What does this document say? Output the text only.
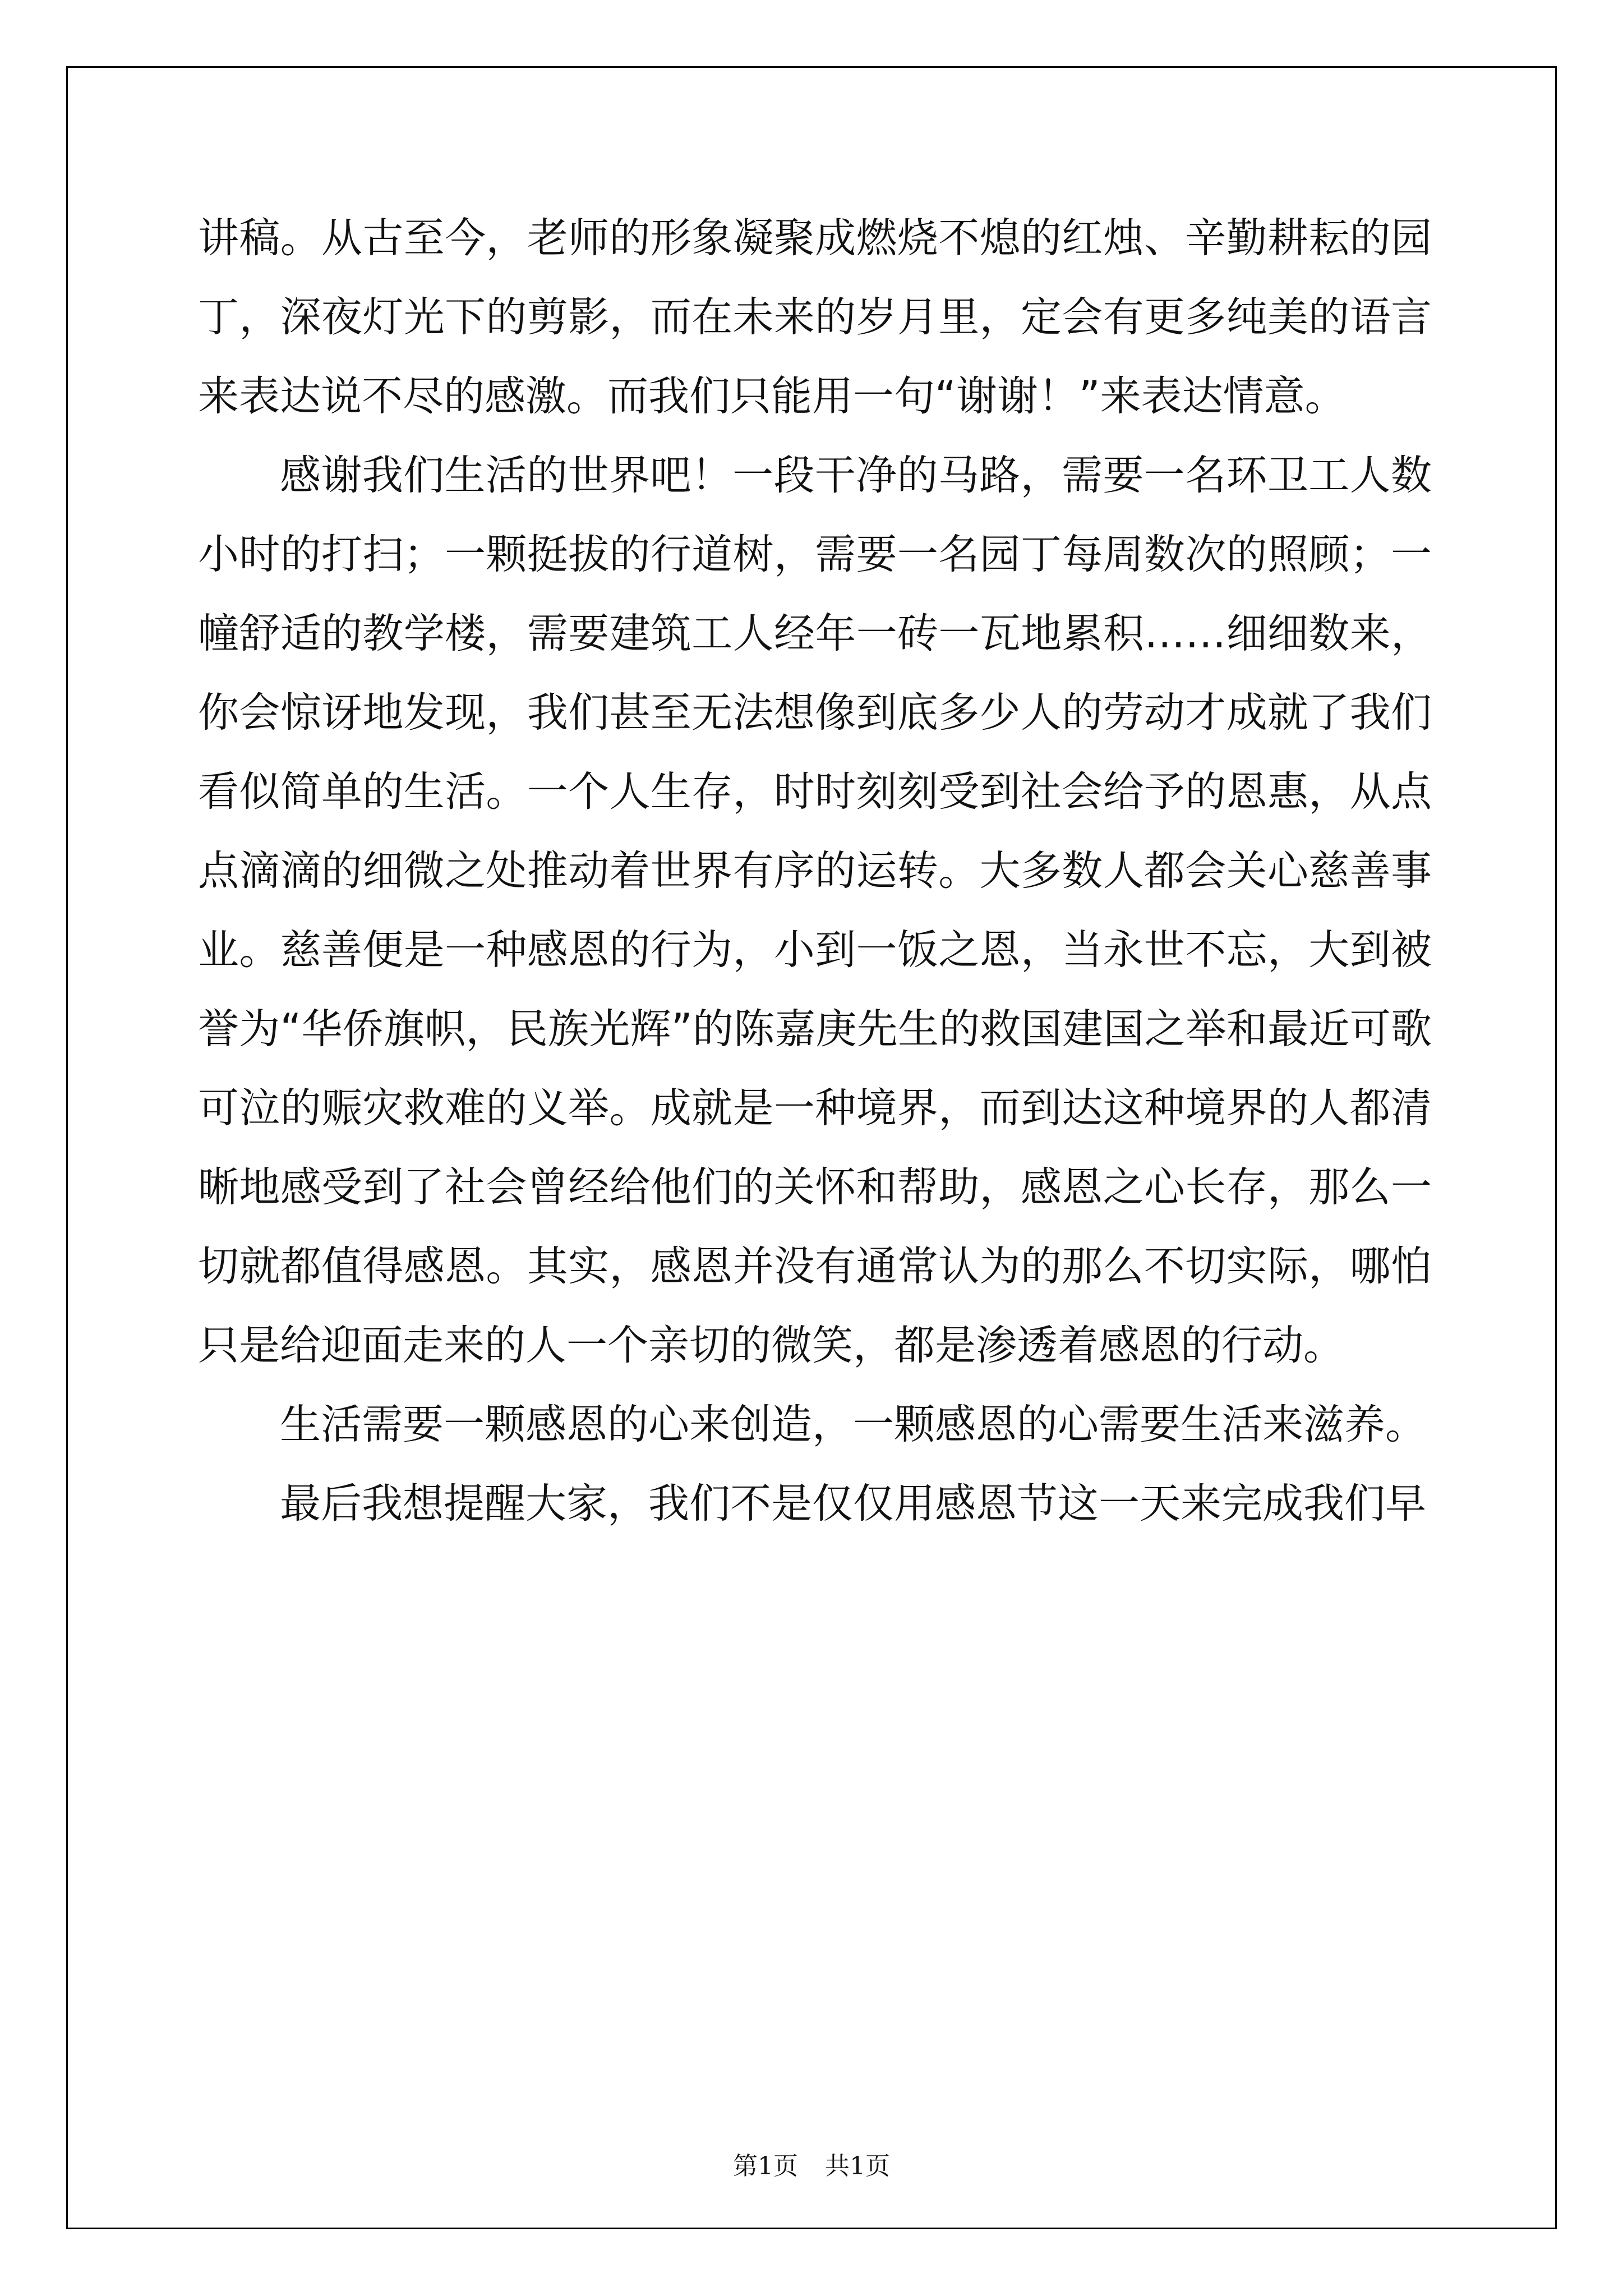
讲稿。从古至今，老师的形象凝聚成燃烧不熄的红烛、辛勤耕耘的园丁，深夜灯光下的剪影，而在未来的岁月里，定会有更多纯美的语言来表达说不尽的感激。而我们只能用一句“谢谢！”来表达情意。

感谢我们生活的世界吧！一段干净的马路，需要一名环卫工人数小时的打扫；一颗挺拔的行道树，需要一名园丁每周数次的照顾；一幢舒适的教学楼，需要建筑工人经年一砖一瓦地累积……细细数来，你会惊讶地发现，我们甚至无法想像到底多少人的劳动才成就了我们看似简单的生活。一个人生存，时时刻刻受到社会给予的恩惠，从点点滴滴的细微之处推动着世界有序的运转。大多数人都会关心慈善事业。慈善便是一种感恩的行为，小到一饭之恩，当永世不忘，大到被誉为“华侨旗帜，民族光辉”的陈嘉庚先生的救国建国之举和最近可歌可泣的赈灾救难的义举。成就是一种境界，而到达这种境界的人都清晰地感受到了社会曾经给他们的关怀和帮助，感恩之心长存，那么一切就都值得感恩。其实，感恩并没有通常认为的那么不切实际，哪怕只是给迎面走来的人一个亲切的微笑，都是渗透着感恩的行动。

生活需要一颗感恩的心来创造，一颗感恩的心需要生活来滋养。

最后我想提醒大家，我们不是仅仅用感恩节这一天来完成我们早

第1页 共1页
